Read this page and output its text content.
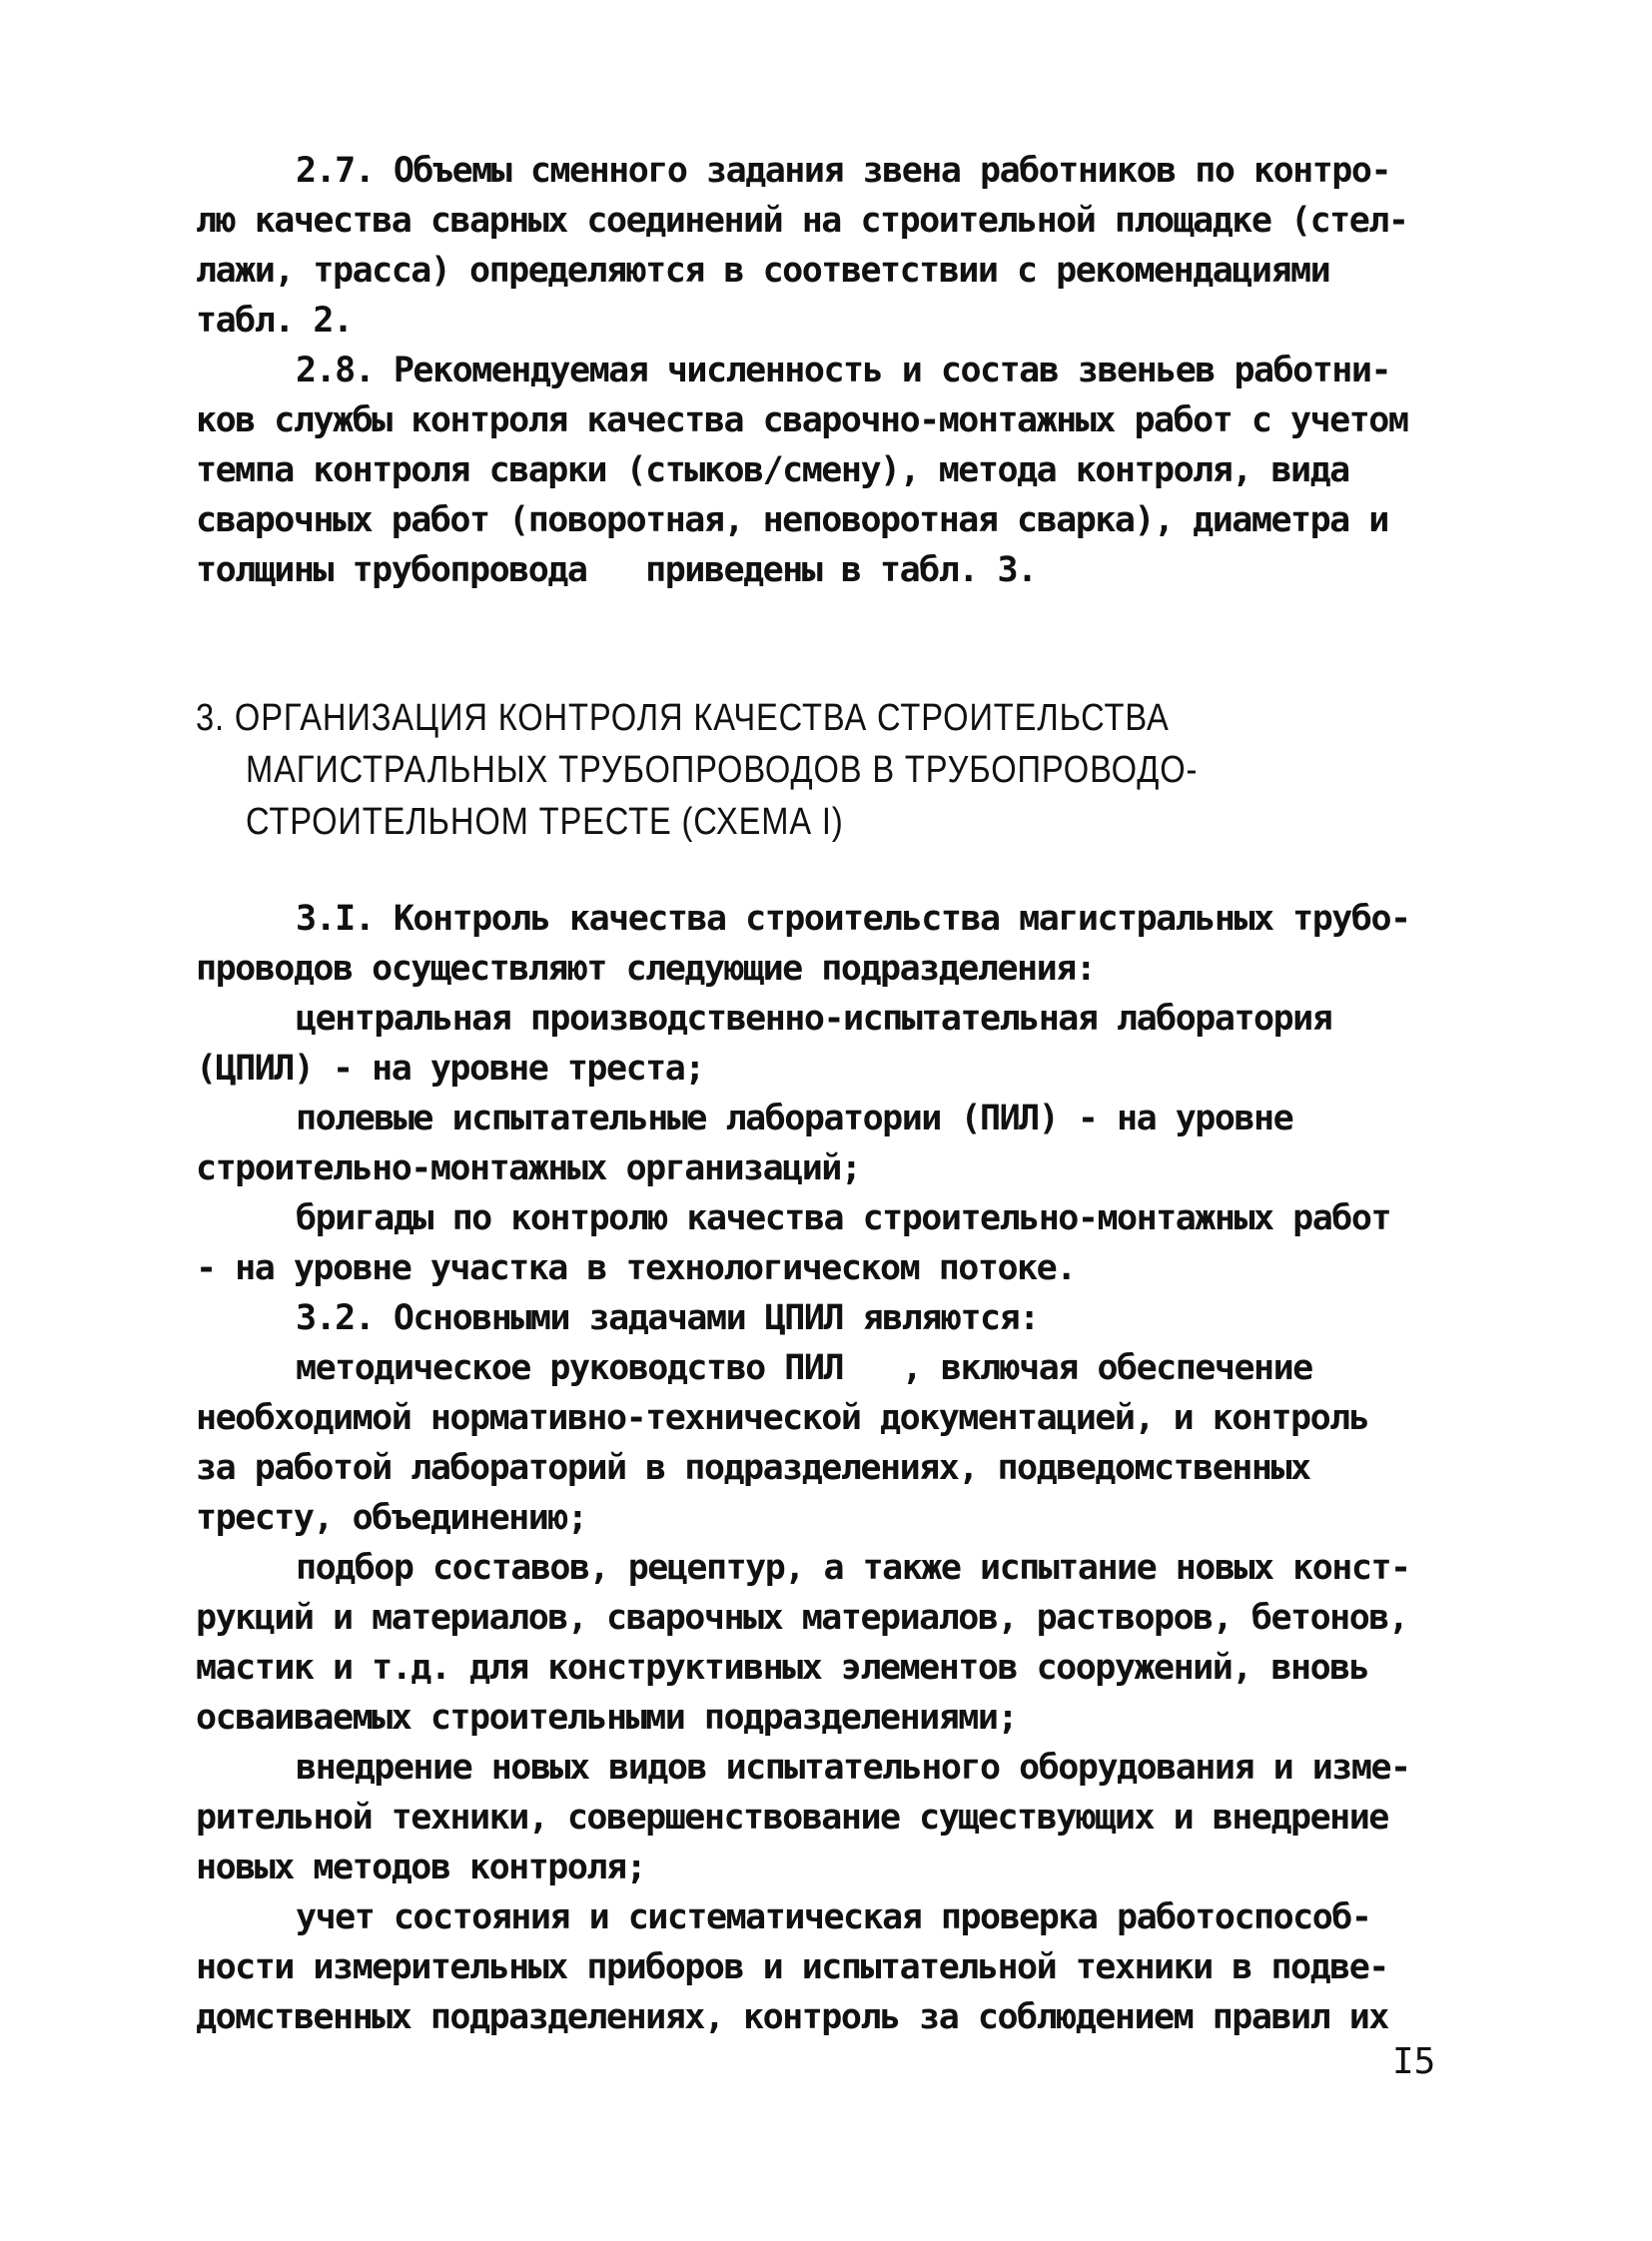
2.7. Объемы сменного задания звена работников по контро-
лю качества сварных соединений на строительной площадке (стел-
лажи, трасса) определяются в соответствии с рекомендациями
табл. 2.
2.8. Рекомендуемая численность и состав звеньев работни-
ков службы контроля качества сварочно-монтажных работ с учетом
темпа контроля сварки (стыков/смену), метода контроля, вида
сварочных работ (поворотная, неповоротная сварка), диаметра и
толщины трубопровода   приведены в табл. 3.
3. ОРГАНИЗАЦИЯ КОНТРОЛЯ КАЧЕСТВА СТРОИТЕЛЬСТВА
МАГИСТРАЛЬНЫХ ТРУБОПРОВОДОВ В ТРУБОПРОВОДО-
СТРОИТЕЛЬНОМ ТРЕСТЕ (СХЕМА I)
3.I. Контроль качества строительства магистральных трубо-
проводов осуществляют следующие подразделения:
центральная производственно-испытательная лаборатория
(ЦПИЛ) - на уровне треста;
полевые испытательные лаборатории (ПИЛ) - на уровне
строительно-монтажных организаций;
бригады по контролю качества строительно-монтажных работ
- на уровне участка в технологическом потоке.
3.2. Основными задачами ЦПИЛ являются:
методическое руководство ПИЛ   , включая обеспечение
необходимой нормативно-технической документацией, и контроль
за работой лабораторий в подразделениях, подведомственных
тресту, объединению;
подбор составов, рецептур, а также испытание новых конст-
рукций и материалов, сварочных материалов, растворов, бетонов,
мастик и т.д. для конструктивных элементов сооружений, вновь
осваиваемых строительными подразделениями;
внедрение новых видов испытательного оборудования и изме-
рительной техники, совершенствование существующих и внедрение
новых методов контроля;
учет состояния и систематическая проверка работоспособ-
ности измерительных приборов и испытательной техники в подве-
домственных подразделениях, контроль за соблюдением правил их
I5
